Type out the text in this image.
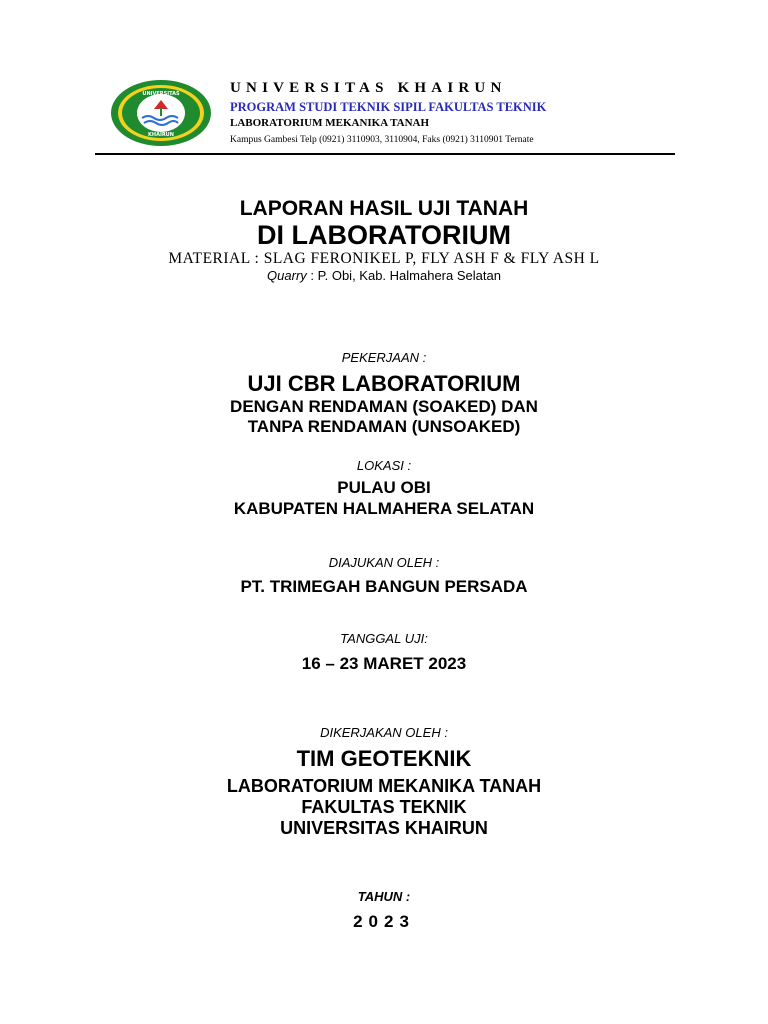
UNIVERSITAS
KHAIRUN
UNIVERSITAS KHAIRUN
PROGRAM STUDI TEKNIK SIPIL FAKULTAS TEKNIK
LABORATORIUM MEKANIKA TANAH
Kampus Gambesi Telp (0921) 3110903, 3110904, Faks (0921) 3110901 Ternate
LAPORAN HASIL UJI TANAH
DI LABORATORIUM
MATERIAL : SLAG FERONIKEL P, FLY ASH F & FLY ASH L
Quarry : P. Obi, Kab. Halmahera Selatan
PEKERJAAN :
UJI CBR LABORATORIUM
DENGAN RENDAMAN (SOAKED) DAN
TANPA RENDAMAN (UNSOAKED)
LOKASI :
PULAU OBI
KABUPATEN HALMAHERA SELATAN
DIAJUKAN OLEH :
PT. TRIMEGAH BANGUN PERSADA
TANGGAL UJI:
16 – 23 MARET 2023
DIKERJAKAN OLEH :
TIM GEOTEKNIK
LABORATORIUM MEKANIKA TANAH
FAKULTAS TEKNIK
UNIVERSITAS KHAIRUN
TAHUN :
2023
